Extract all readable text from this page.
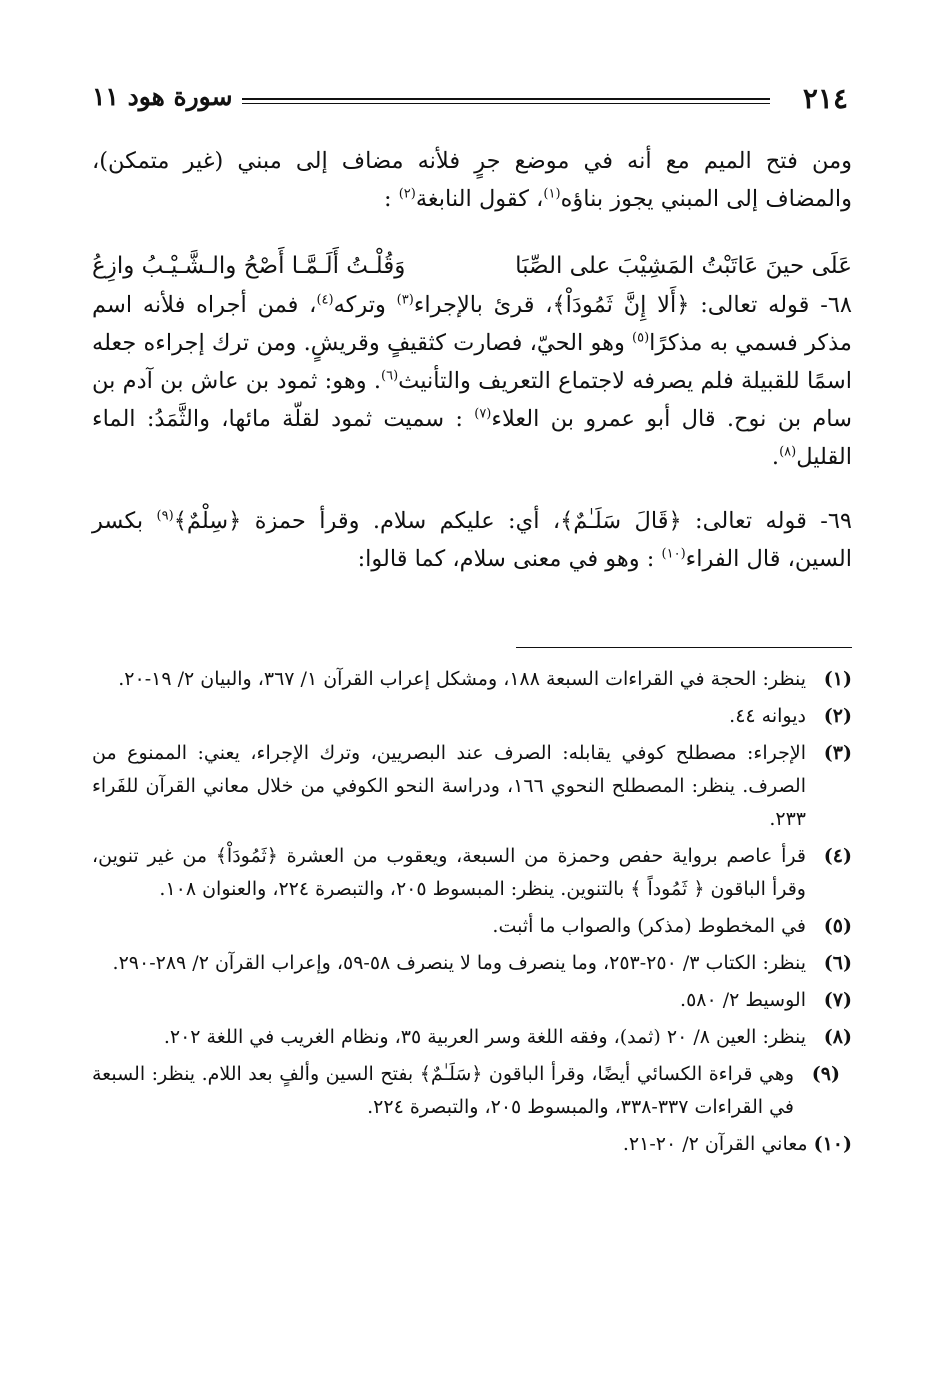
٢١٤
سورة هود ١١

ومن فتح الميم مع أنه في موضع جرٍ فلأنه مضاف إلى مبني (غير متمكن)، والمضاف إلى المبني يجوز بناؤه$^{(١)}$، كقول النابغة$^{(٢)}$ :

عَلَى حينَ عَاتَبْتُ المَشِيْبَ على الصِّبَا
وَقُلْـتُ أَلَـمَّـا أَصْحُ والـشَّـيْـبُ وازِعُ

٦٨- قوله تعالى: ﴿أَلا إِنَّ ثَمُودَاْ﴾، قرئ بالإجراء$^{(٣)}$ وتركه$^{(٤)}$، فمن أجراه فلأنه اسم مذكر فسمي به مذكرًا$^{(٥)}$ وهو الحيّ، فصارت كثقيفٍ وقريشٍ. ومن ترك إجراءه جعله اسمًا للقبيلة فلم يصرفه لاجتماع التعريف والتأنيث$^{(٦)}$. وهو: ثمود بن عاش بن آدم بن سام بن نوح. قال أبو عمرو بن العلاء$^{(٧)}$ : سميت ثمود لقلّة مائها، والثَّمَدُ: الماء القليل$^{(٨)}$.

٦٩- قوله تعالى: ﴿قَالَ سَلَـٰمٌ﴾، أي: عليكم سلام. وقرأ حمزة ﴿سِلْمٌ﴾$^{(٩)}$ بكسر السين، قال الفراء$^{(١٠)}$ : وهو في معنى سلام، كما قالوا:

(١)
ينظر: الحجة في القراءات السبعة ١٨٨، ومشكل إعراب القرآن ١/ ٣٦٧، والبيان ٢/ ١٩-٢٠.
(٢)
ديوانه ٤٤.
(٣)
الإجراء: مصطلح كوفي يقابله: الصرف عند البصريين، وترك الإجراء، يعني: الممنوع من الصرف. ينظر: المصطلح النحوي ١٦٦، ودراسة النحو الكوفي من خلال معاني القرآن للفَراء ٢٣٣.
(٤)
قرأ عاصم برواية حفص وحمزة من السبعة، ويعقوب من العشرة ﴿ثَمُودَاْ﴾ من غير تنوين، وقرأ الباقون ﴿ ثَمُوداً ﴾ بالتنوين. ينظر: المبسوط ٢٠٥، والتبصرة ٢٢٤، والعنوان ١٠٨.
(٥)
في المخطوط (مذكر) والصواب ما أثبت.
(٦)
ينظر: الكتاب ٣/ ٢٥٠-٢٥٣، وما ينصرف وما لا ينصرف ٥٨-٥٩، وإعراب القرآن ٢/ ٢٨٩-٢٩٠.
(٧)
الوسيط ٢/ ٥٨٠.
(٨)
ينظر: العين ٨/ ٢٠ (ثمد)، وفقه اللغة وسر العربية ٣٥، ونظام الغريب في اللغة ٢٠٢.
(٩)
وهي قراءة الكسائي أيضًا، وقرأ الباقون ﴿سَلَـٰمٌ﴾ بفتح السين وألفٍ بعد اللام. ينظر: السبعة في القراءات ٣٣٧-٣٣٨، والمبسوط ٢٠٥، والتبصرة ٢٢٤.
(١٠)
معاني القرآن ٢/ ٢٠-٢١.
